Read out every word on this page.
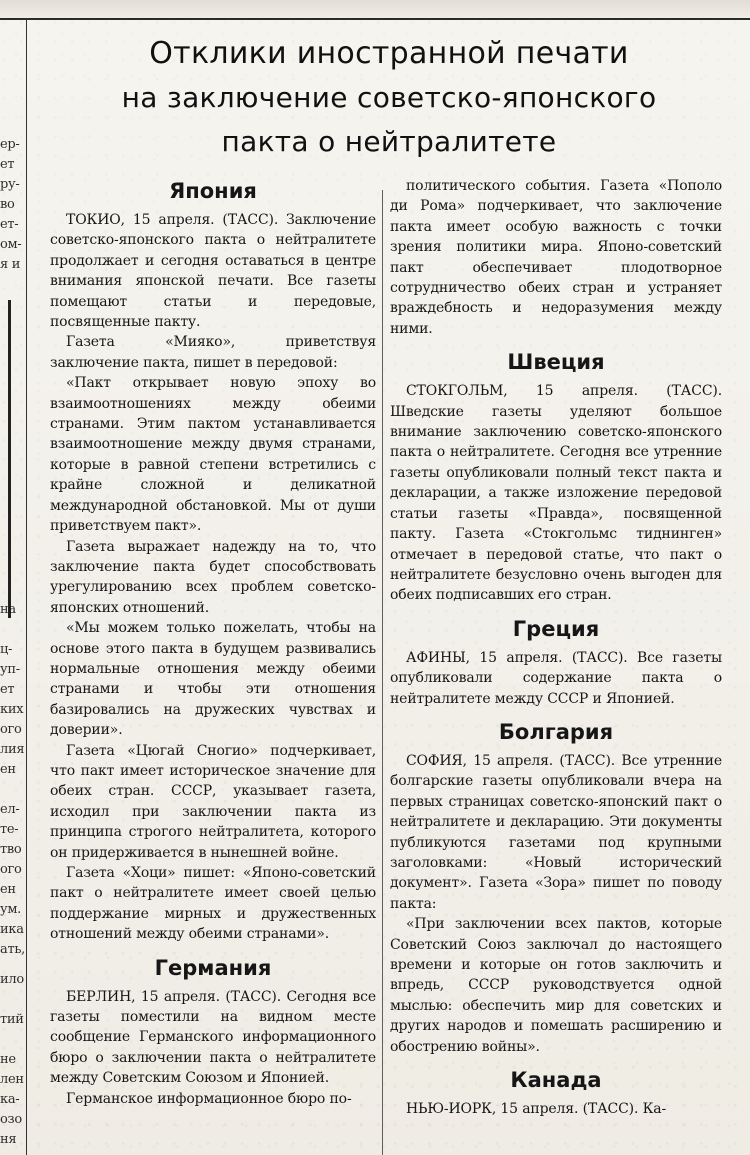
ер-
ет
ру-
во
ет-
ом-
я и
на
ц-
уп-
ет
ких
ого
лия
ен
ел-
те-
тво
ого
ен
ум.
ика
ать,
ило
тий
не
лен
ка-
озо
ня
Отклики иностранной печати
на заключение советско-японского
пакта о нейтралитете
Япония

ТОКИО, 15 апреля. (ТАСС). Заключение советско-японского пакта о нейтралитете продолжает и сегодня оставаться в центре внимания японской печати. Все газеты помещают статьи и передовые, посвященные пакту.

Газета «Мияко», приветствуя заключение пакта, пишет в передовой:

«Пакт открывает новую эпоху во взаимоотношениях между обеими странами. Этим пактом устанавливается взаимоотношение между двумя странами, которые в равной степени встретились с крайне сложной и деликатной международной обстановкой. Мы от души приветствуем пакт».

Газета выражает надежду на то, что заключение пакта будет способствовать урегулированию всех проблем советско-японских отношений.

«Мы можем только пожелать, чтобы на основе этого пакта в будущем развивались нормальные отношения между обеими странами и чтобы эти отношения базировались на дружеских чувствах и доверии».

Газета «Цюгай Сногио» подчеркивает, что пакт имеет историческое значение для обеих стран. СССР, указывает газета, исходил при заключении пакта из принципа строгого нейтралитета, которого он придерживается в нынешней войне.

Газета «Хоци» пишет: «Японо-советский пакт о нейтралитете имеет своей целью поддержание мирных и дружественных отношений между обеими странами».

Германия

БЕРЛИН, 15 апреля. (ТАСС). Сегодня все газеты поместили на видном месте сообщение Германского информационного бюро о заключении пакта о нейтралитете между Советским Союзом и Японией.

Германское информационное бюро по-

политического события. Газета «Пополо ди Рома» подчеркивает, что заключение пакта имеет особую важность с точки зрения политики мира. Японо-советский пакт обеспечивает плодотворное сотрудничество обеих стран и устраняет враждебность и недоразумения между ними.

Швеция

СТОКГОЛЬМ, 15 апреля. (ТАСС). Шведские газеты уделяют большое внимание заключению советско-японского пакта о нейтралитете. Сегодня все утренние газеты опубликовали полный текст пакта и декларации, а также изложение передовой статьи газеты «Правда», посвященной пакту. Газета «Стокгольмс тиднинген» отмечает в передовой статье, что пакт о нейтралитете безусловно очень выгоден для обеих подписавших его стран.

Греция

АФИНЫ, 15 апреля. (ТАСС). Все газеты опубликовали содержание пакта о нейтралитете между СССР и Японией.

Болгария

СОФИЯ, 15 апреля. (ТАСС). Все утренние болгарские газеты опубликовали вчера на первых страницах советско-японский пакт о нейтралитете и декларацию. Эти документы публикуются газетами под крупными заголовками: «Новый исторический документ». Газета «Зора» пишет по поводу пакта:

«При заключении всех пактов, которые Советский Союз заключал до настоящего времени и которые он готов заключить и впредь, СССР руководствуется одной мыслью: обеспечить мир для советских и других народов и помешать расширению и обострению войны».

Канада

НЬЮ-ИОРК, 15 апреля. (ТАСС). Ка-
